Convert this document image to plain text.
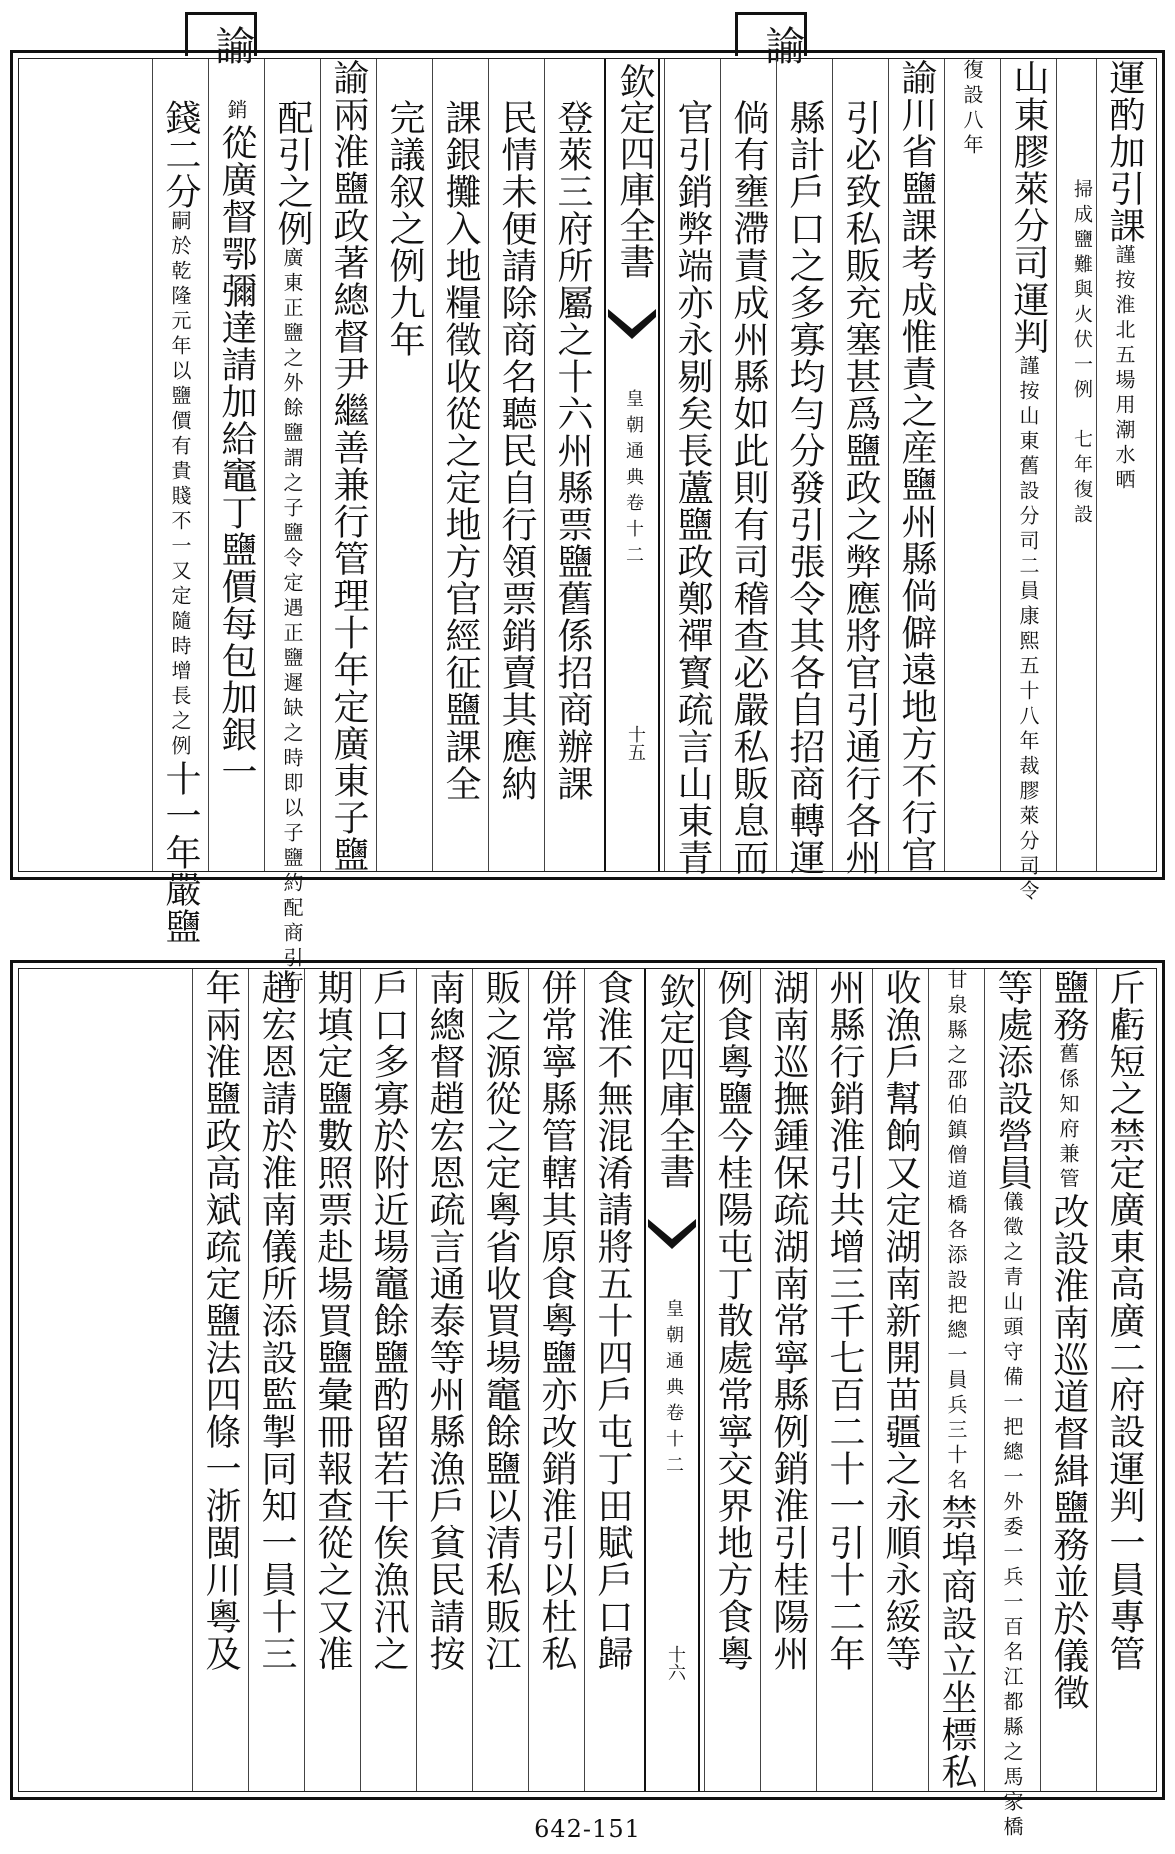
諭	諭
運酌加引課謹按淮北五場用潮水晒
掃成鹽難與火伏一例　七年復設
山東膠萊分司運判謹按山東舊設分司二員康熙五十八年裁膠萊分司令
復設八年
諭川省鹽課考成惟責之産鹽州縣倘僻遠地方不行官
引必致私販充塞甚爲鹽政之弊應將官引通行各州
縣計戶口之多寡均勻分發引張令其各自招商轉運
倘有壅滯責成州縣如此則有司稽查必嚴私販息而
官引銷弊端亦永剔矣長蘆鹽政鄭禪寳疏言山東青
欽定四庫全書
皇朝通典卷十二
十五
登萊三府所屬之十六州縣票鹽舊係招商辦課
民情未便請除商名聽民自行領票銷賣其應納
課銀攤入地糧徵收從之定地方官經征鹽課全
完議叙之例九年
諭兩淮鹽政著總督尹繼善兼行管理十年定廣東子鹽
配引之例廣東正鹽之外餘鹽謂之子鹽令定遇正鹽遲缺之時即以子鹽約配商引行
銷從廣督鄂彌達請加給竈丁鹽價每包加銀一
錢二分嗣於乾隆元年以鹽價有貴賤不一又定隨時增長之例十一年嚴鹽
斤虧短之禁定廣東高廣二府設運判一員專管
鹽務舊係知府兼管改設淮南巡道督緝鹽務並於儀徵
等處添設營員儀徵之青山頭守備一把總一外委一兵一百名江都縣之馬家橋
甘泉縣之邵伯鎮僧道橋各添設把總一員兵三十名禁埠商設立坐標私
收漁戶幫餉又定湖南新開苗疆之永順永綏等
州縣行銷淮引共增三千七百二十一引十二年
湖南巡撫鍾保疏湖南常寧縣例銷淮引桂陽州
例食粵鹽今桂陽屯丁散處常寧交界地方食粵
欽定四庫全書
皇朝通典卷十二
十六
食淮不無混淆請將五十四戶屯丁田賦戶口歸
併常寧縣管轄其原食粵鹽亦改銷淮引以杜私
販之源從之定粵省收買場竈餘鹽以清私販江
南總督趙宏恩疏言通泰等州縣漁戶貧民請按
戶口多寡於附近場竈餘鹽酌留若干俟漁汛之
期填定鹽數照票赴場買鹽彙冊報查從之又准
趙宏恩請於淮南儀所添設監掣同知一員十三
年兩淮鹽政高斌疏定鹽法四條一浙閩川粵及
642-151
